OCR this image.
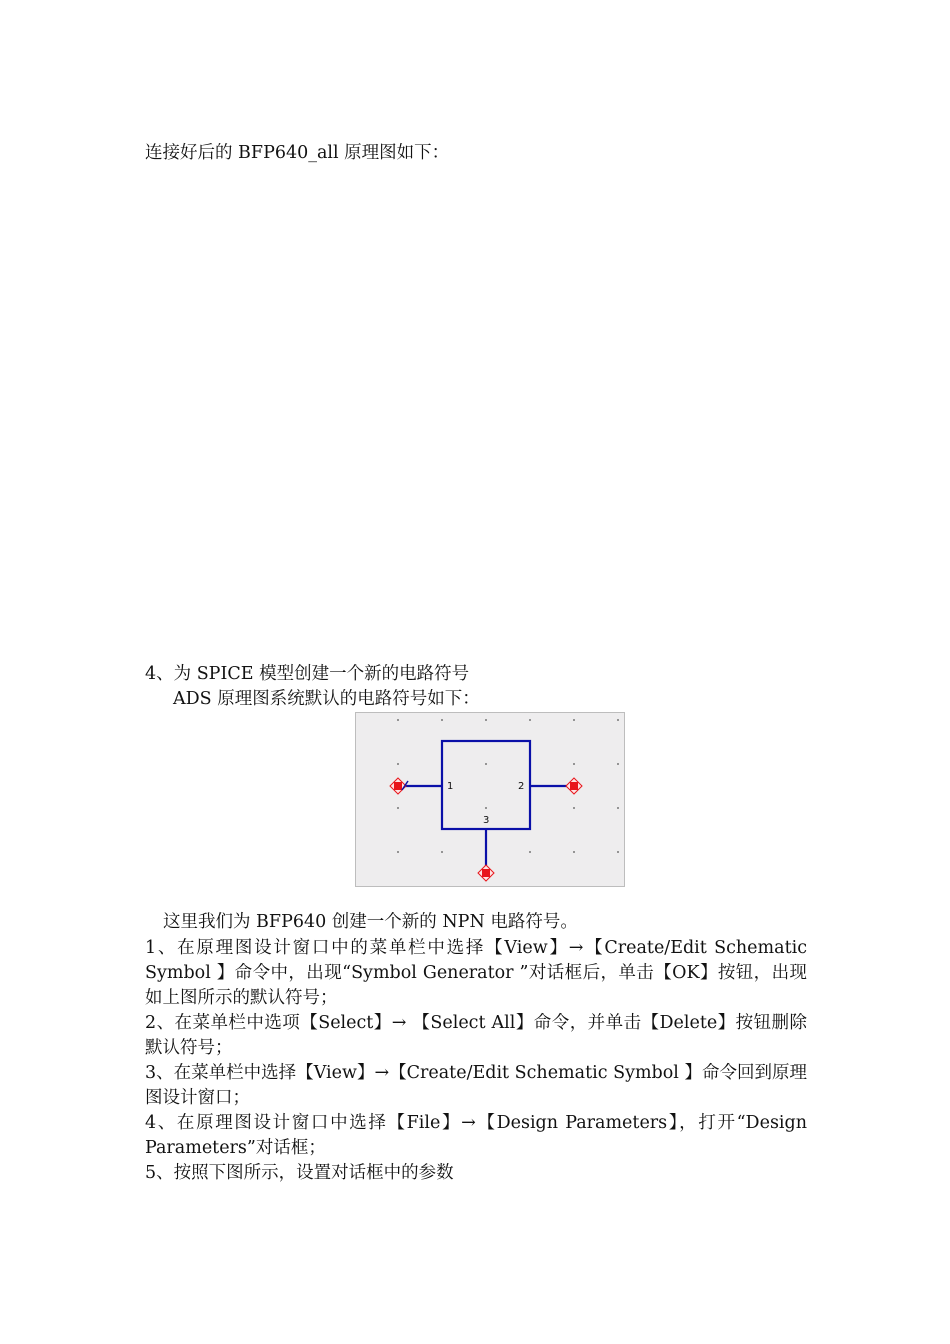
连接好后的 BFP640_all 原理图如下：
4、为 SPICE 模型创建一个新的电路符号
ADS 原理图系统默认的电路符号如下：
1	2
3
这里我们为 BFP640 创建一个新的 NPN 电路符号。

1、在原理图设计窗口中的菜单栏中选择【View】→【Create/Edit Schematic Symbol 】命令中，出现“Symbol Generator ”对话框后，单击【OK】按钮，出现如上图所示的默认符号；

2、在菜单栏中选项【Select】→ 【Select All】命令，并单击【Delete】按钮删除默认符号；

3、在菜单栏中选择【View】→【Create/Edit Schematic Symbol 】命令回到原理图设计窗口；

4、在原理图设计窗口中选择【File】→【Design Parameters】，打开“Design Parameters”对话框；

5、按照下图所示，设置对话框中的参数
